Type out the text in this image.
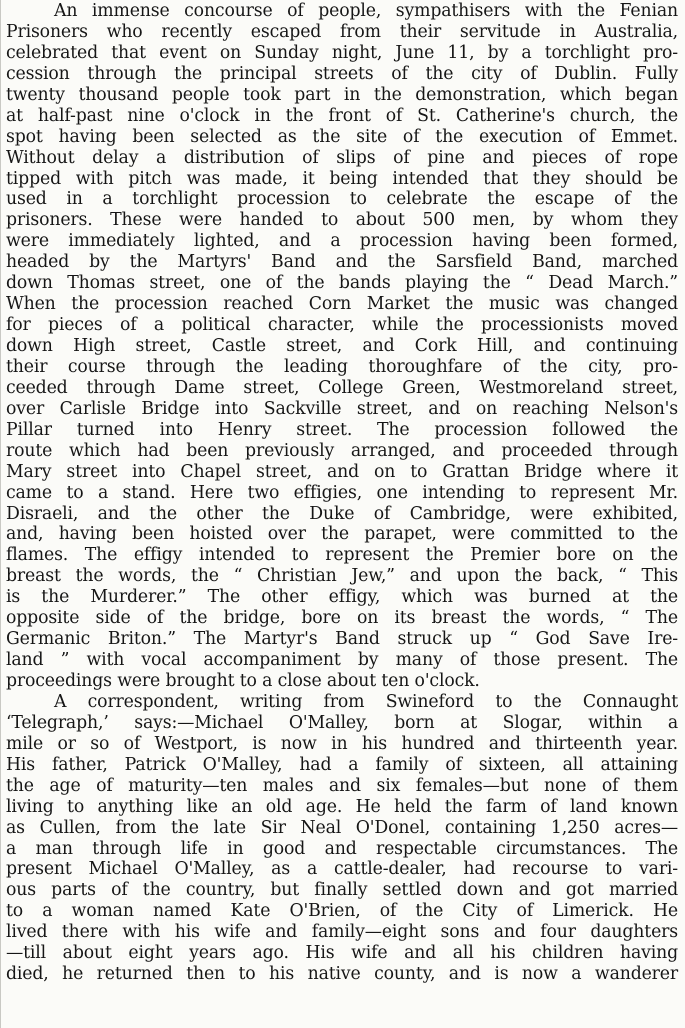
An immense concourse of people, sympathisers with the Fenian
Prisoners who recently escaped from their servitude in Australia,
celebrated that event on Sunday night, June 11, by a torchlight pro-
cession through the principal streets of the city of Dublin. Fully
twenty thousand people took part in the demonstration, which began
at half-past nine o'clock in the front of St. Catherine's church, the
spot having been selected as the site of the execution of Emmet.
Without delay a distribution of slips of pine and pieces of rope
tipped with pitch was made, it being intended that they should be
used in a torchlight procession to celebrate the escape of the
prisoners. These were handed to about 500 men, by whom they
were immediately lighted, and a procession having been formed,
headed by the Martyrs' Band and the Sarsfield Band, marched
down Thomas street, one of the bands playing the “ Dead March.”
When the procession reached Corn Market the music was changed
for pieces of a political character, while the processionists moved
down High street, Castle street, and Cork Hill, and continuing
their course through the leading thoroughfare of the city, pro-
ceeded through Dame street, College Green, Westmoreland street,
over Carlisle Bridge into Sackville street, and on reaching Nelson's
Pillar turned into Henry street. The procession followed the
route which had been previously arranged, and proceeded through
Mary street into Chapel street, and on to Grattan Bridge where it
came to a stand. Here two effigies, one intending to represent Mr.
Disraeli, and the other the Duke of Cambridge, were exhibited,
and, having been hoisted over the parapet, were committed to the
flames. The effigy intended to represent the Premier bore on the
breast the words, the “ Christian Jew,” and upon the back, “ This
is the Murderer.” The other effigy, which was burned at the
opposite side of the bridge, bore on its breast the words, “ The
Germanic Briton.” The Martyr's Band struck up “ God Save Ire-
land ” with vocal accompaniment by many of those present. The
proceedings were brought to a close about ten o'clock.
A correspondent, writing from Swineford to the Connaught
‘Telegraph,’ says:—Michael O'Malley, born at Slogar, within a
mile or so of Westport, is now in his hundred and thirteenth year.
His father, Patrick O'Malley, had a family of sixteen, all attaining
the age of maturity—ten males and six females—but none of them
living to anything like an old age. He held the farm of land known
as Cullen, from the late Sir Neal O'Donel, containing 1,250 acres—
a man through life in good and respectable circumstances. The
present Michael O'Malley, as a cattle-dealer, had recourse to vari-
ous parts of the country, but finally settled down and got married
to a woman named Kate O'Brien, of the City of Limerick. He
lived there with his wife and family—eight sons and four daughters
—till about eight years ago. His wife and all his children having
died, he returned then to his native county, and is now a wanderer
